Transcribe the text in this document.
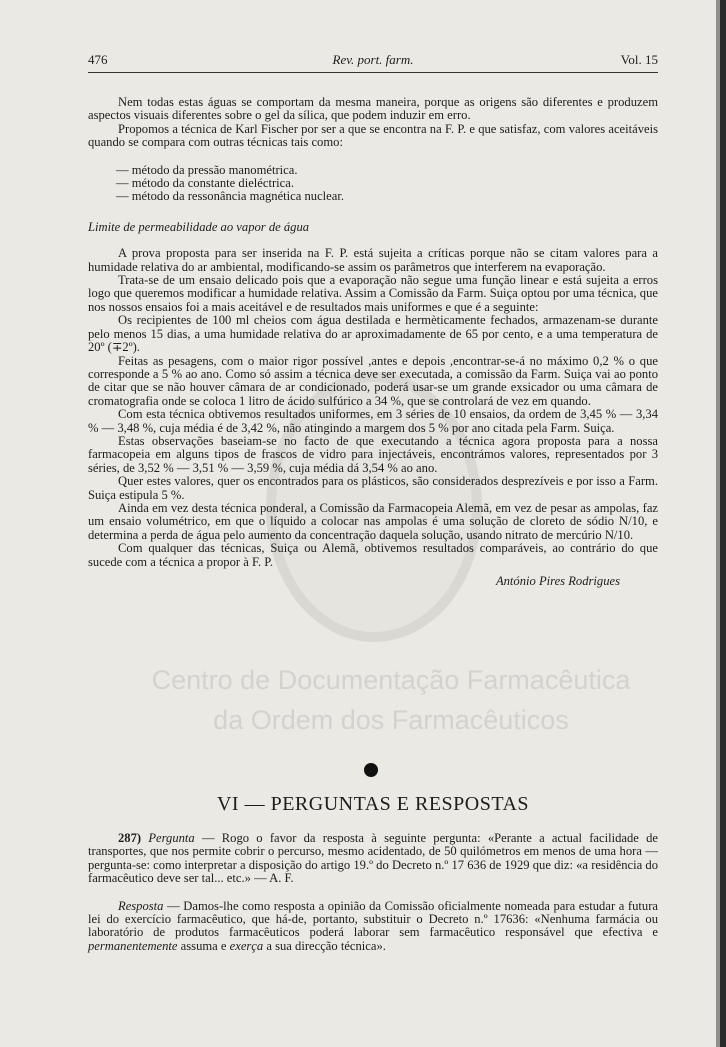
476	Rev. port. farm.	Vol. 15

Nem todas estas águas se comportam da mesma maneira, porque as origens são diferentes e produzem aspectos visuais diferentes sobre o gel da sílica, que podem induzir em erro.

Propomos a técnica de Karl Fischer por ser a que se encontra na F. P. e que satisfaz, com valores aceitáveis quando se compara com outras técnicas tais como:

— método da pressão manométrica.
— método da constante dieléctrica.
— método da ressonância magnética nuclear.

Limite de permeabilidade ao vapor de água

A prova proposta para ser inserida na F. P. está sujeita a críticas porque não se citam valores para a humidade relativa do ar ambiental, modificando-se assim os parâmetros que interferem na evaporação.

Trata-se de um ensaio delicado pois que a evaporação não segue uma função linear e está sujeita a erros logo que queremos modificar a humidade relativa. Assim a Comissão da Farm. Suiça optou por uma técnica, que nos nossos ensaios foi a mais aceitável e de resultados mais uniformes e que é a seguinte:

Os recipientes de 100 ml cheios com água destilada e hermèticamente fechados, armazenam-se durante pelo menos 15 dias, a uma humidade relativa do ar aproximadamente de 65 por cento, e a uma temperatura de 20º (∓2º).

Feitas as pesagens, com o maior rigor possível ,antes e depois ,encontrar-se-á no máximo 0,2 % o que corresponde a 5 % ao ano. Como só assim a técnica deve ser executada, a comissão da Farm. Suiça vai ao ponto de citar que se não houver câmara de ar condicionado, poderá usar-se um grande exsicador ou uma câmara de cromatografia onde se coloca 1 litro de ácido sulfúrico a 34 %, que se controlará de vez em quando.

Com esta técnica obtivemos resultados uniformes, em 3 séries de 10 ensaios, da ordem de 3,45 % — 3,34 % — 3,48 %, cuja média é de 3,42 %, não atingindo a margem dos 5 % por ano citada pela Farm. Suiça.

Estas observações baseiam-se no facto de que executando a técnica agora proposta para a nossa farmacopeia em alguns tipos de frascos de vidro para injectáveis, encontrámos valores, representados por 3 séries, de 3,52 % — 3,51 % — 3,59 %, cuja média dá 3,54 % ao ano.

Quer estes valores, quer os encontrados para os plásticos, são considerados desprezíveis e por isso a Farm. Suiça estipula 5 %.

Ainda em vez desta técnica ponderal, a Comissão da Farmacopeia Alemã, em vez de pesar as ampolas, faz um ensaio volumétrico, em que o líquido a colocar nas ampolas é uma solução de cloreto de sódio N/10, e determina a perda de água pelo aumento da concentração daquela solução, usando nitrato de mercúrio N/10.

Com qualquer das técnicas, Suiça ou Alemã, obtivemos resultados comparáveis, ao contrário do que sucede com a técnica a propor à F. P.

António Pires Rodrigues

Centro de Documentação Farmacêutica
da Ordem dos Farmacêuticos
VI — PERGUNTAS E RESPOSTAS

287) Pergunta — Rogo o favor da resposta à seguinte pergunta: «Perante a actual facilidade de transportes, que nos permite cobrir o percurso, mesmo acidentado, de 50 quilómetros em menos de uma hora — pergunta-se: como interpretar a disposição do artigo 19.º do Decreto n.º 17 636 de 1929 que diz: «a residência do farmacêutico deve ser tal... etc.» — A. F.

Resposta — Damos-lhe como resposta a opinião da Comissão oficialmente nomeada para estudar a futura lei do exercício farmacêutico, que há-de, portanto, substituir o Decreto n.º 17636: «Nenhuma farmácia ou laboratório de produtos farmacêuticos poderá laborar sem farmacêutico responsável que efectiva e permanentemente assuma e exerça a sua direcção técnica».
